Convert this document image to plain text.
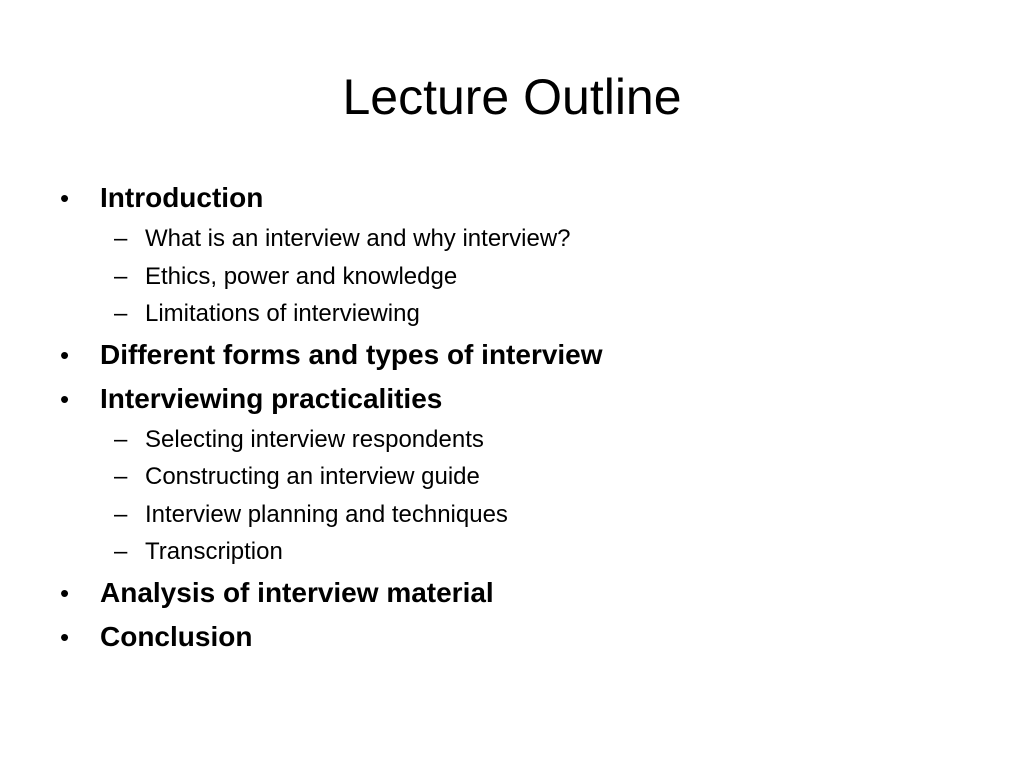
Lecture Outline
•	Introduction
– What is an interview and why interview?
– Ethics, power and knowledge
– Limitations of interviewing
•	Different forms and types of interview
•	Interviewing practicalities
– Selecting interview respondents
– Constructing an interview guide
– Interview planning and techniques
– Transcription
•	Analysis of interview material
•	Conclusion
